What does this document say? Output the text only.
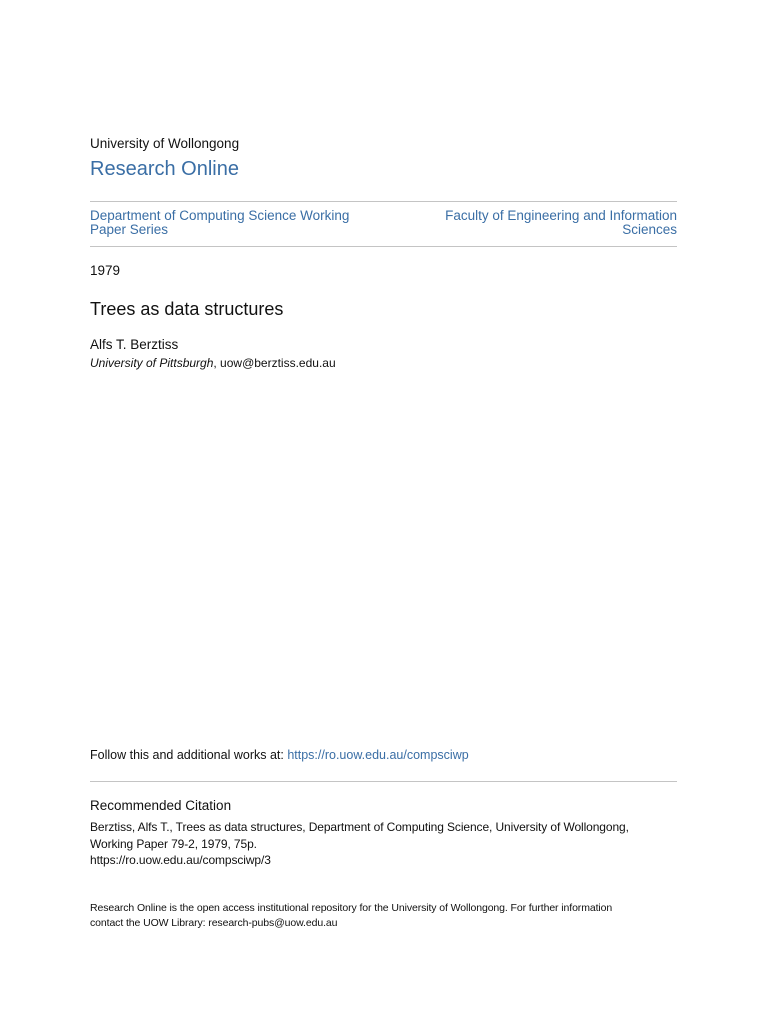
University of Wollongong
Research Online
Department of Computing Science Working
Paper Series
Faculty of Engineering and Information
Sciences
1979
Trees as data structures
Alfs T. Berztiss
University of Pittsburgh, uow@berztiss.edu.au
Follow this and additional works at: https://ro.uow.edu.au/compsciwp
Recommended Citation
Berztiss, Alfs T., Trees as data structures, Department of Computing Science, University of Wollongong,
Working Paper 79-2, 1979, 75p.
https://ro.uow.edu.au/compsciwp/3
Research Online is the open access institutional repository for the University of Wollongong. For further information
contact the UOW Library: research-pubs@uow.edu.au
